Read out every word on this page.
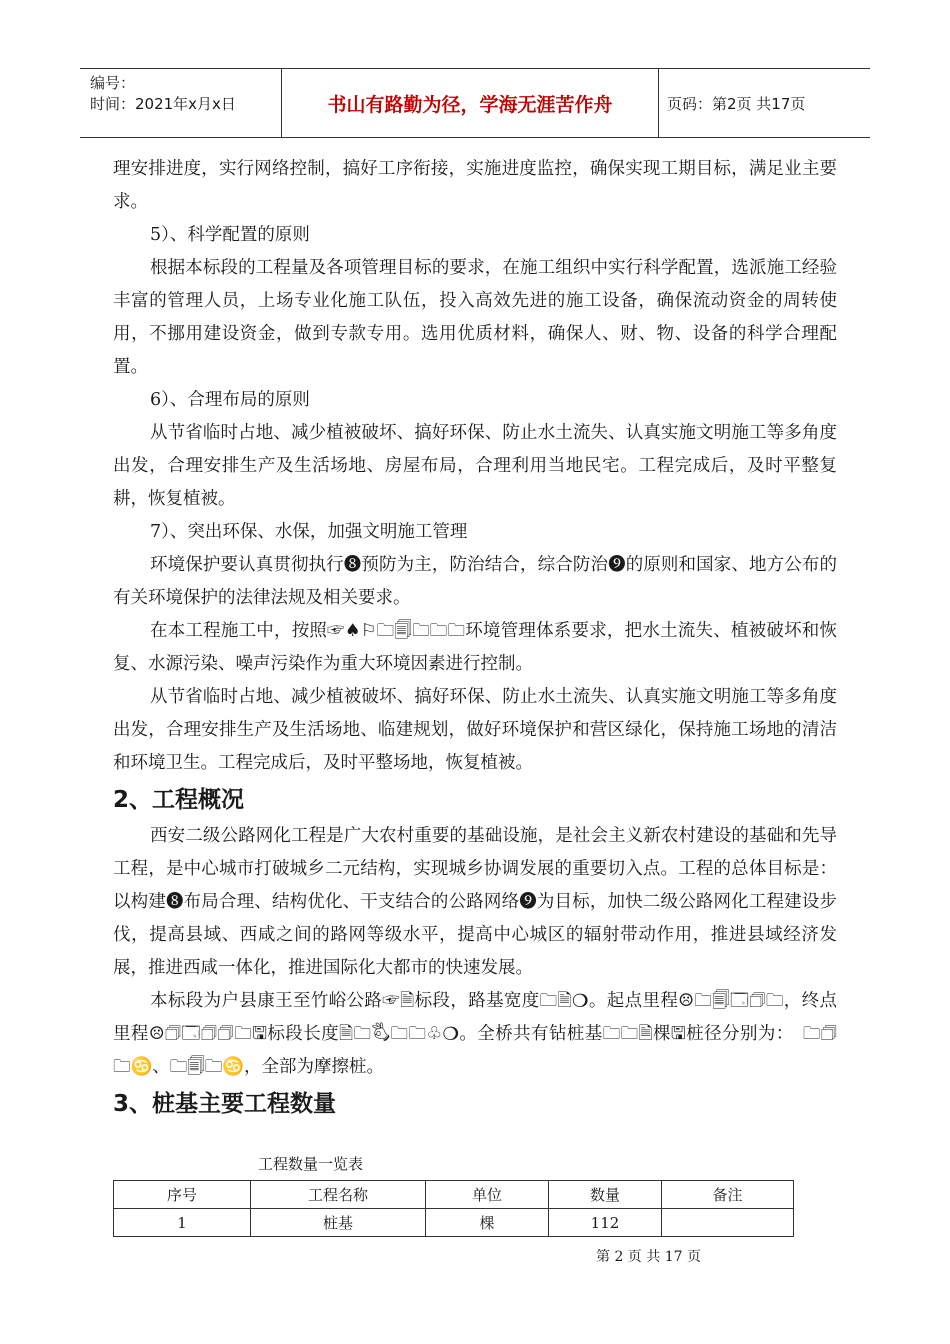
编号：
时间：2021年x月x日	书山有路勤为径，学海无涯苦作舟	页码：第2页 共17页

理安排进度，实行网络控制，搞好工序衔接，实施进度监控，确保实现工期目标，满足业主要求。

5）、科学配置的原则

根据本标段的工程量及各项管理目标的要求，在施工组织中实行科学配置，选派施工经验丰富的管理人员，上场专业化施工队伍，投入高效先进的施工设备，确保流动资金的周转使用，不挪用建设资金，做到专款专用。选用优质材料，确保人、财、物、设备的科学合理配置。

6）、合理布局的原则

从节省临时占地、减少植被破坏、搞好环保、防止水土流失、认真实施文明施工等多角度出发，合理安排生产及生活场地、房屋布局，合理利用当地民宅。工程完成后，及时平整复耕，恢复植被。

7）、突出环保、水保，加强文明施工管理

环境保护要认真贯彻执行❽预防为主，防治结合，综合防治❾的原则和国家、地方公布的有关环境保护的法律法规及相关要求。

在本工程施工中，按照☞♠⚐🗀🗐🗀🗀🗀环境管理体系要求，把水土流失、植被破坏和恢复、水源污染、噪声污染作为重大环境因素进行控制。

从节省临时占地、减少植被破坏、搞好环保、防止水土流失、认真实施文明施工等多角度出发，合理安排生产及生活场地、临建规划，做好环境保护和营区绿化，保持施工场地的清洁和环境卫生。工程完成后，及时平整场地，恢复植被。

2、工程概况

西安二级公路网化工程是广大农村重要的基础设施，是社会主义新农村建设的基础和先导工程，是中心城市打破城乡二元结构，实现城乡协调发展的重要切入点。工程的总体目标是：以构建❽布局合理、结构优化、干支结合的公路网络❾为目标，加快二级公路网化工程建设步伐，提高县域、西咸之间的路网等级水平，提高中心城区的辐射带动作用，推进县域经济发展，推进西咸一体化，推进国际化大都市的快速发展。

本标段为户县康王至竹峪公路☞🗎标段，路基宽度🗀🗎❍。起点里程☹🗀🗐🗔🗇🗀，终点里程☹🗇🗔🗇🗇🗀🖫标段长度🗎🗀🖏🗀🗀♧❍。全桥共有钻桩基🗀🗀🗎棵🖫桩径分别为：　🗀🗇🗀♋、🗀🗐🗀♋，全部为摩擦桩。

3、桩基主要工程数量
工程数量一览表
序号	工程名称	单位	数量	备注
1	桩基	棵	112	
第 2 页 共 17 页
